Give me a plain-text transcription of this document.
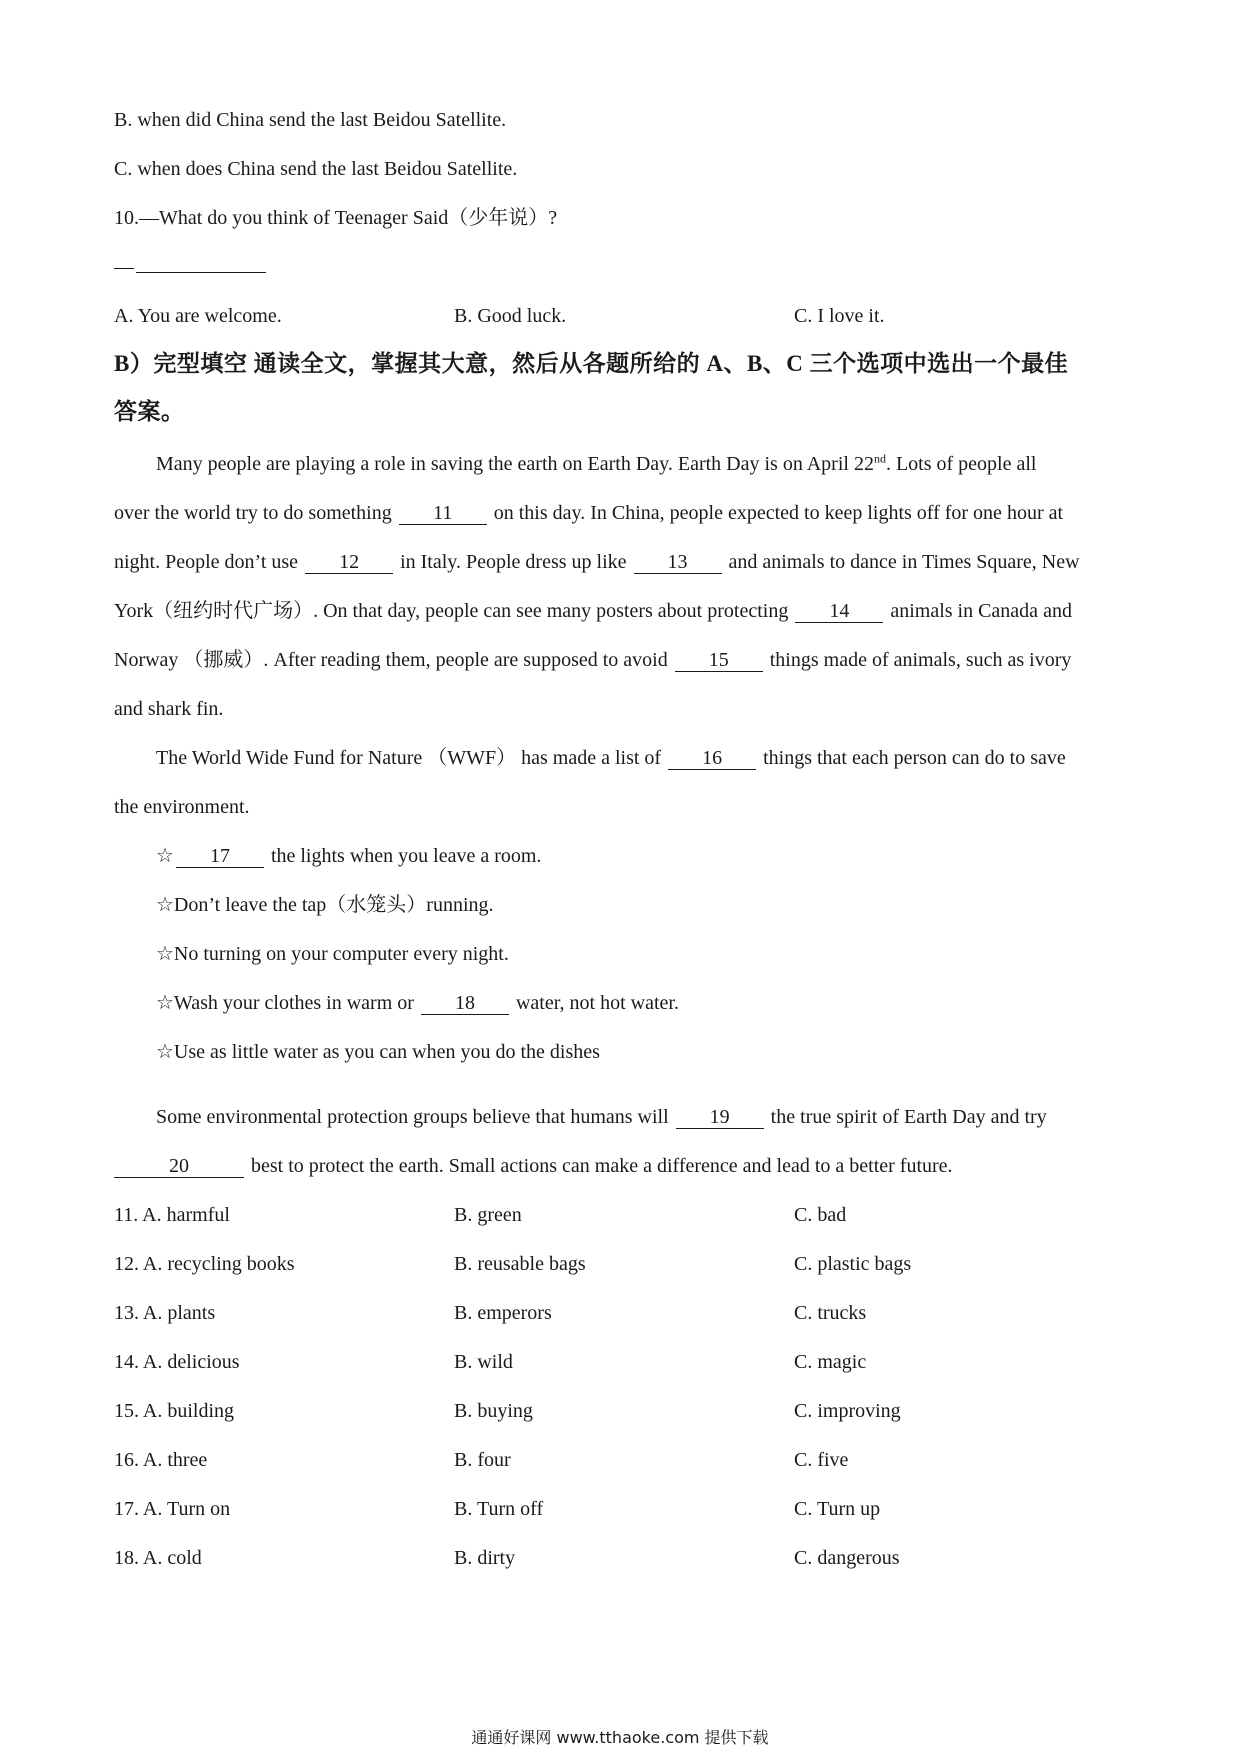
B. when did China send the last Beidou Satellite.
C. when does China send the last Beidou Satellite.
10.—What do you think of Teenager Said（少年说）?
—
A. You are welcome.	B. Good luck.	C. I love it.
B）完型填空 通读全文，掌握其大意，然后从各题所给的 A、B、C 三个选项中选出一个最佳
答案。
Many people are playing a role in saving the earth on Earth Day. Earth Day is on April 22nd. Lots of people all
over the world try to do something 11 on this day. In China, people expected to keep lights off for one hour at
night. People don’t use 12 in Italy. People dress up like 13 and animals to dance in Times Square, New
York（纽约时代广场）. On that day, people can see many posters about protecting 14 animals in Canada and
Norway （挪威）. After reading them, people are supposed to avoid 15 things made of animals, such as ivory
and shark fin.
The World Wide Fund for Nature （WWF） has made a list of 16 things that each person can do to save
the environment.
☆ 17 the lights when you leave a room.
☆Don’t leave the tap（水笼头）running.
☆No turning on your computer every night.
☆Wash your clothes in warm or 18 water, not hot water.
☆Use as little water as you can when you do the dishes
Some environmental protection groups believe that humans will 19 the true spirit of Earth Day and try
20	best to protect the earth. Small actions can make a difference and lead to a better future.
11. A. harmful	B. green	C. bad
12. A. recycling books	B. reusable bags	C. plastic bags
13. A. plants	B. emperors	C. trucks
14. A. delicious	B. wild	C. magic
15. A. building	B. buying	C. improving
16. A. three	B. four	C. five
17. A. Turn on	B. Turn off	C. Turn up
18. A. cold	B. dirty	C. dangerous
通通好课网 www.tthaoke.com 提供下载
